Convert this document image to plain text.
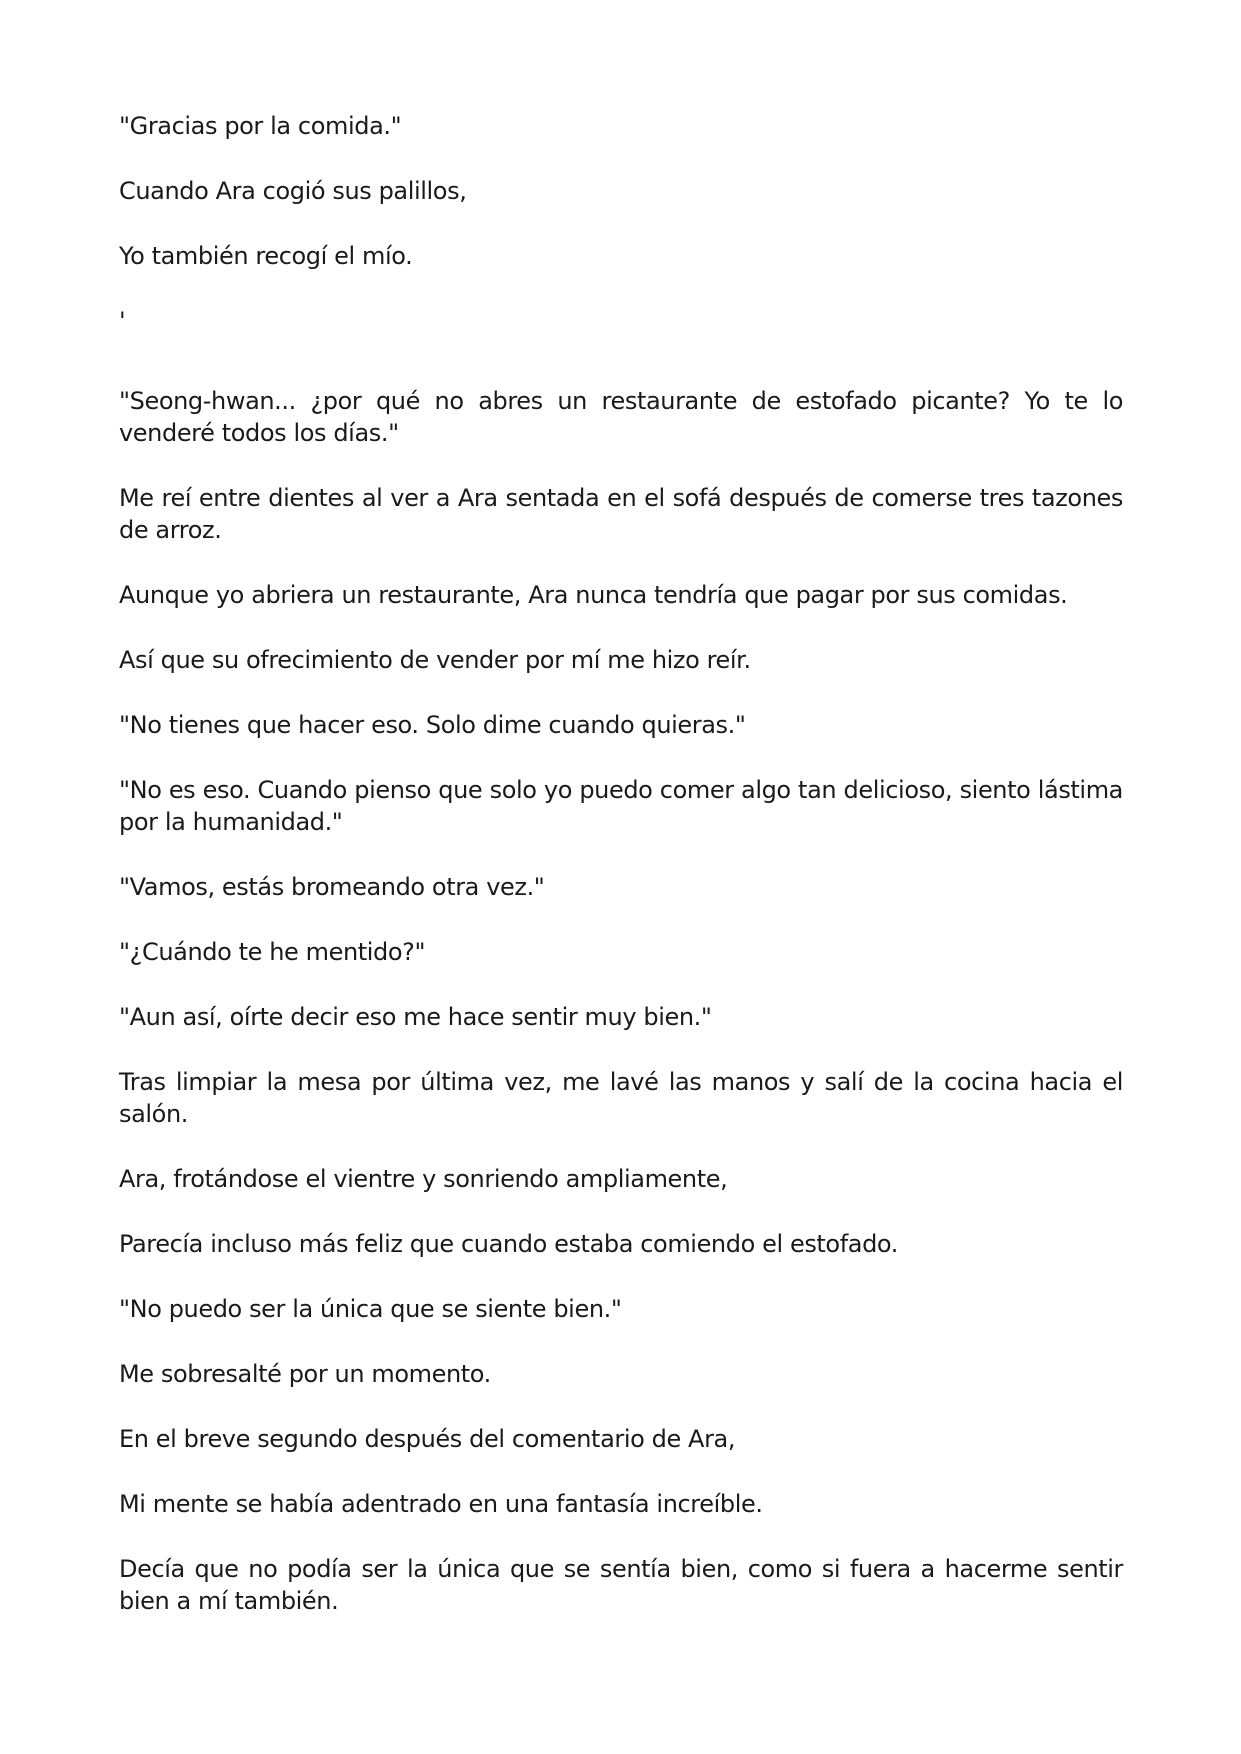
"Gracias por la comida."

Cuando Ara cogió sus palillos,

Yo también recogí el mío.

'

"Seong-hwan... ¿por qué no abres un restaurante de estofado picante? Yo te lo venderé todos los días."

Me reí entre dientes al ver a Ara sentada en el sofá después de comerse tres tazones de arroz.

Aunque yo abriera un restaurante, Ara nunca tendría que pagar por sus comidas.

Así que su ofrecimiento de vender por mí me hizo reír.

"No tienes que hacer eso. Solo dime cuando quieras."

"No es eso. Cuando pienso que solo yo puedo comer algo tan delicioso, siento lástima por la humanidad."

"Vamos, estás bromeando otra vez."

"¿Cuándo te he mentido?"

"Aun así, oírte decir eso me hace sentir muy bien."

Tras limpiar la mesa por última vez, me lavé las manos y salí de la cocina hacia el salón.

Ara, frotándose el vientre y sonriendo ampliamente,

Parecía incluso más feliz que cuando estaba comiendo el estofado.

"No puedo ser la única que se siente bien."

Me sobresalté por un momento.

En el breve segundo después del comentario de Ara,

Mi mente se había adentrado en una fantasía increíble.

Decía que no podía ser la única que se sentía bien, como si fuera a hacerme sentir bien a mí también.
